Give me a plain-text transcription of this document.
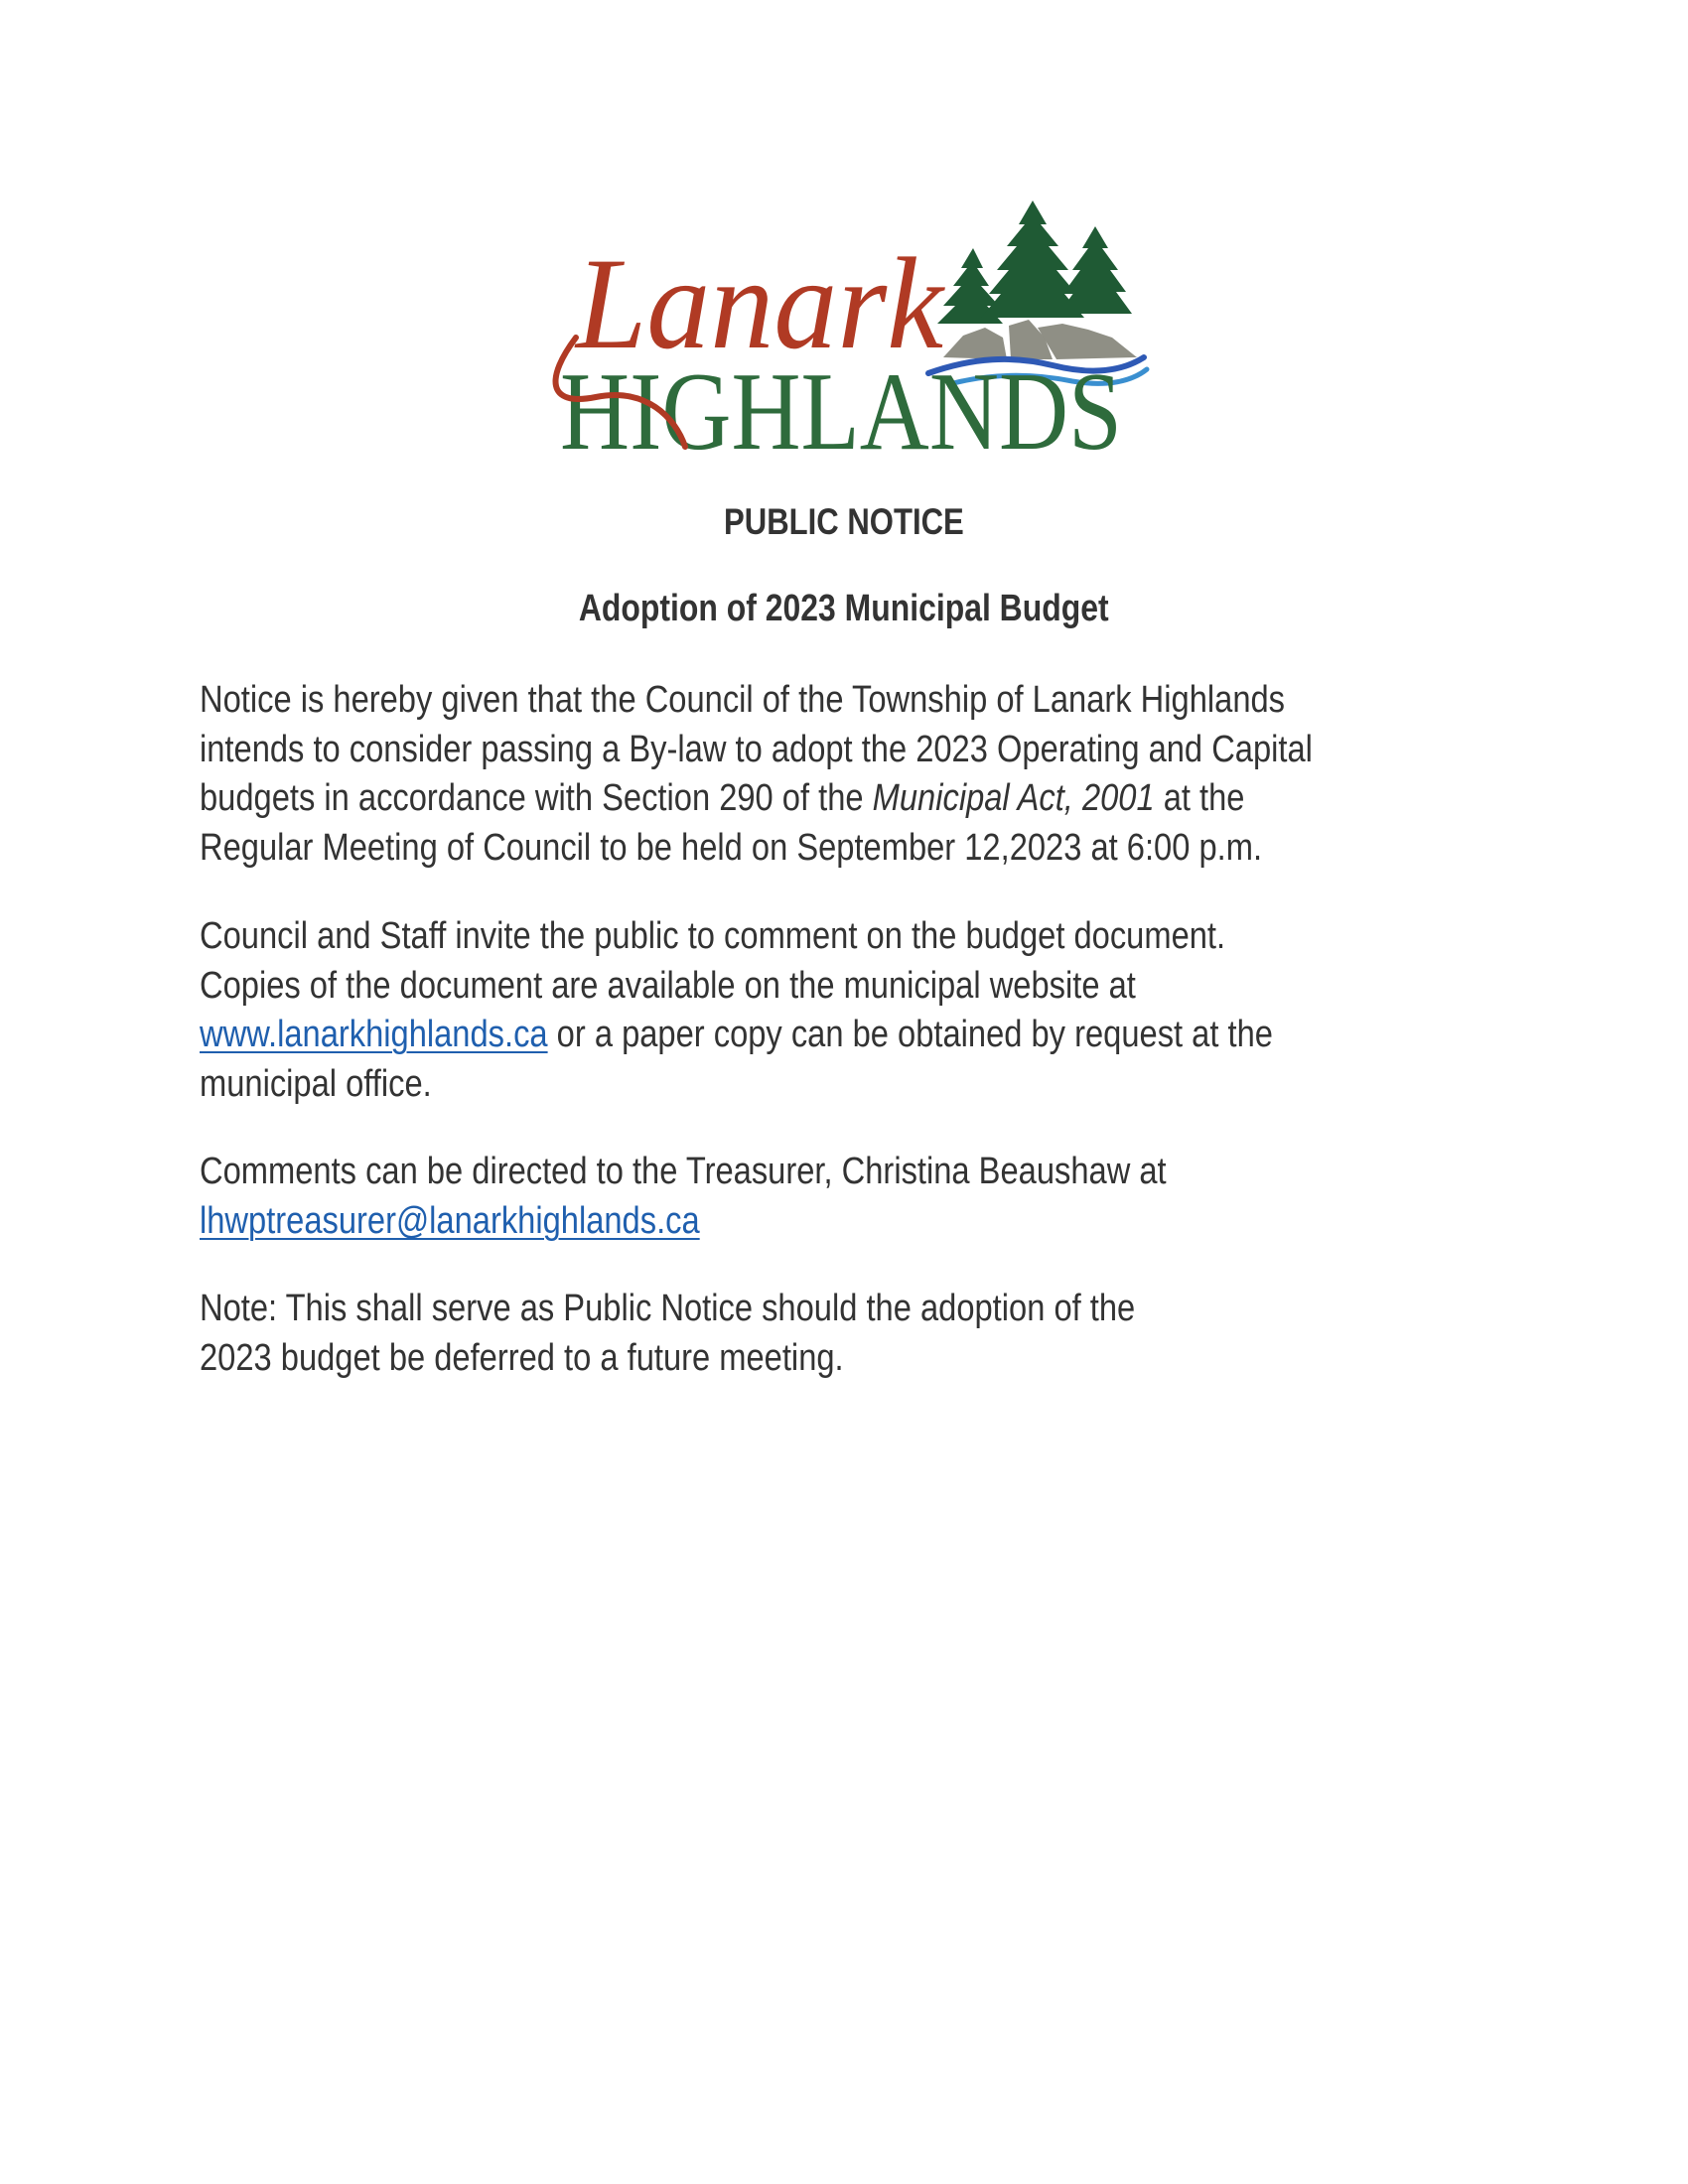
HIGHLANDS
Lanark
PUBLIC NOTICE
Adoption of 2023 Municipal Budget
Notice is hereby given that the Council of the Township of Lanark Highlands
intends to consider passing a By-law to adopt the 2023 Operating and Capital
budgets in accordance with Section 290 of the Municipal Act, 2001 at the
Regular Meeting of Council to be held on September 12,2023 at 6:00 p.m.
Council and Staff invite the public to comment on the budget document.
Copies of the document are available on the municipal website at
www.lanarkhighlands.ca or a paper copy can be obtained by request at the
municipal office.
Comments can be directed to the Treasurer, Christina Beaushaw at
lhwptreasurer@lanarkhighlands.ca
Note: This shall serve as Public Notice should the adoption of the
2023 budget be deferred to a future meeting.
